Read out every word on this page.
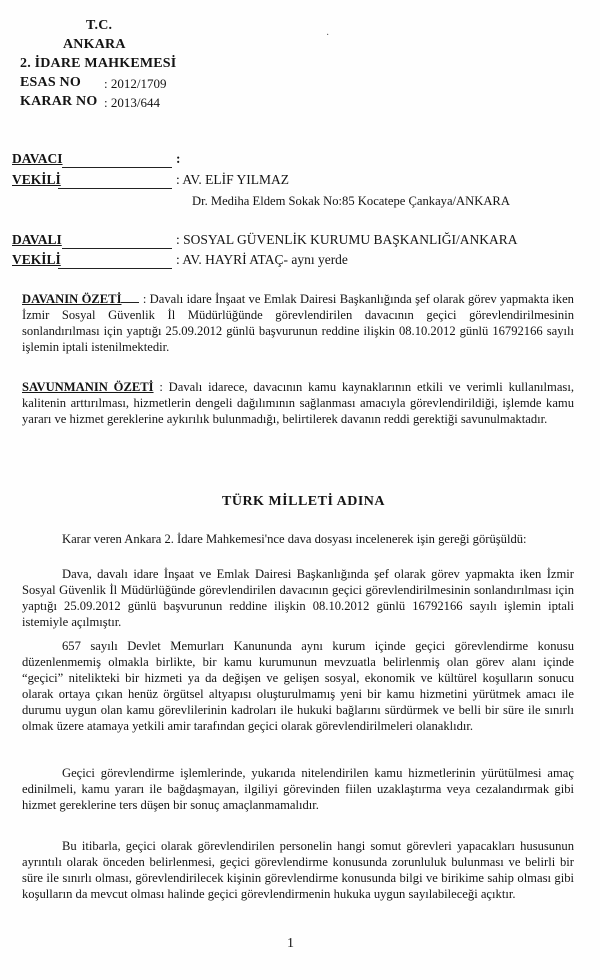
T.C.
ANKARA
2. İDARE MAHKEMESİ
ESAS NO : 2012/1709
KARAR NO : 2013/644
·
DAVACI	:
VEKİLİ	: AV. ELİF YILMAZ
Dr. Mediha Eldem Sokak No:85 Kocatepe Çankaya/ANKARA
DAVALI	: SOSYAL GÜVENLİK KURUMU BAŞKANLIĞI/ANKARA
VEKİLİ	: AV. HAYRİ ATAÇ- aynı yerde
DAVANIN ÖZETİ : Davalı idare İnşaat ve Emlak Dairesi Başkanlığında şef olarak görev yapmakta iken İzmir Sosyal Güvenlik İl Müdürlüğünde görevlendirilen davacının geçici görevlendirilmesinin sonlandırılması için yaptığı 25.09.2012 günlü başvurunun reddine ilişkin 08.10.2012 günlü 16792166 sayılı işlemin iptali istenilmektedir.
SAVUNMANIN ÖZETİ : Davalı idarece, davacının kamu kaynaklarının etkili ve verimli kullanılması, kalitenin arttırılması, hizmetlerin dengeli dağılımının sağlanması amacıyla görevlendirildiği, işlemde kamu yararı ve hizmet gereklerine aykırılık bulunmadığı, belirtilerek davanın reddi gerektiği savunulmaktadır.
TÜRK MİLLETİ ADINA
Karar veren Ankara 2. İdare Mahkemesi'nce dava dosyası incelenerek işin gereği görüşüldü:
Dava, davalı idare İnşaat ve Emlak Dairesi Başkanlığında şef olarak görev yapmakta iken İzmir Sosyal Güvenlik İl Müdürlüğünde görevlendirilen davacının geçici görevlendirilmesinin sonlandırılması için yaptığı 25.09.2012 günlü başvurunun reddine ilişkin 08.10.2012 günlü 16792166 sayılı işlemin iptali istemiyle açılmıştır.
657 sayılı Devlet Memurları Kanununda aynı kurum içinde geçici görevlendirme konusu düzenlenmemiş olmakla birlikte, bir kamu kurumunun mevzuatla belirlenmiş olan görev alanı içinde “geçici” nitelikteki bir hizmeti ya da değişen ve gelişen sosyal, ekonomik ve kültürel koşulların sonucu olarak ortaya çıkan henüz örgütsel altyapısı oluşturulmamış yeni bir kamu hizmetini yürütmek amacı ile durumu uygun olan kamu görevlilerinin kadroları ile hukuki bağlarını sürdürmek ve belli bir süre ile sınırlı olmak üzere atamaya yetkili amir tarafından geçici olarak görevlendirilmeleri olanaklıdır.
Geçici görevlendirme işlemlerinde, yukarıda nitelendirilen kamu hizmetlerinin yürütülmesi amaç edinilmeli, kamu yararı ile bağdaşmayan, ilgiliyi görevinden fiilen uzaklaştırma veya cezalandırmak gibi hizmet gereklerine ters düşen bir sonuç amaçlanmamalıdır.
Bu itibarla, geçici olarak görevlendirilen personelin hangi somut görevleri yapacakları hususunun ayrıntılı olarak önceden belirlenmesi, geçici görevlendirme konusunda zorunluluk bulunması ve belirli bir süre ile sınırlı olması, görevlendirilecek kişinin görevlendirme konusunda bilgi ve birikime sahip olması gibi koşulların da mevcut olması halinde geçici görevlendirmenin hukuka uygun sayılabileceği açıktır.
1
